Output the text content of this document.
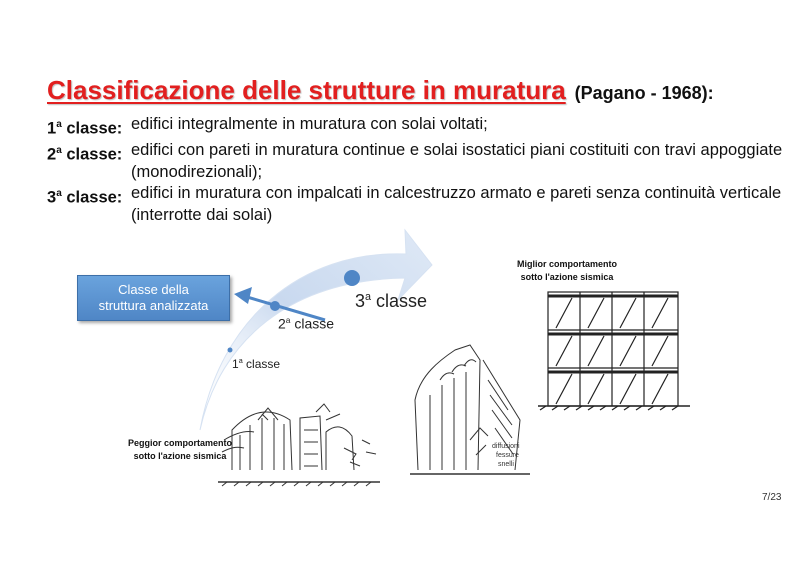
Classificazione delle strutture in muratura (Pagano - 1968):
1$^a$ classe: edifici integralmente in muratura con solai voltati;
2$^a$ classe: edifici con pareti in muratura continue e solai isostatici piani costituiti con travi appoggiate (monodirezionali);
3$^a$ classe: edifici in muratura con impalcati in calcestruzzo armato e pareti senza continuità verticale (interrotte dai solai)
diffusioni
fessure
snelli
Classe della
struttura analizzata
1$^a$ classe
2$^a$ classe
3$^a$ classe
Miglior comportamento
sotto l'azione sismica
Peggior comportamento
sotto l'azione sismica
7/23
